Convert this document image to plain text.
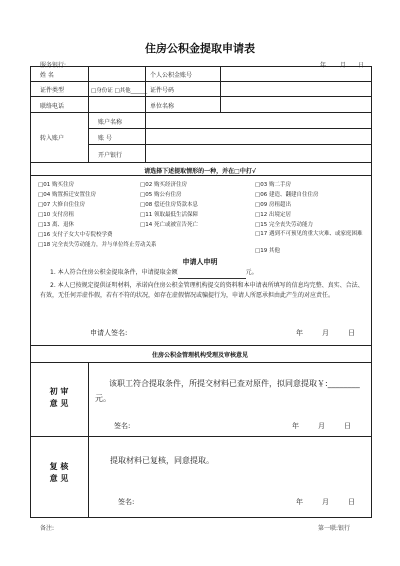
住房公积金提取申请表
服务银行:	年 月 日
姓 名	个人公积金账号
证件类型	□身份证 □其他______ 证件号码
联络电话	单位名称
转入账户
账户名称
账 号
开户银行
请选择下述提取情形的一种，并在□中打√
□01 购买住房	□02 购买经济住房	□03 购二手房
□04 购置拆迁安置住房	□05 购公有住房	□06 建造、翻建自住住房
□07 大修自住住房	□08 偿还住房贷款本息	□09 房租超出
□10 支付房租	□11 领取最低生活保障	□12 出境定居
□13 离、退休	□14 死亡或被宣告死亡	□15 完全丧失劳动能力
□16 支付子女大中专院校学费	□17 遇到不可预见的重大灾难、或家庭困难
□18 完全丧失劳动能力，并与单位终止劳动关系
□19 其他
申请人申明
1. 本人符合住房公积金提取条件，申请提取金额	元。
2. 本人已按规定提供证明材料，承诺向住房公积金管理机构提交的资料和本申请表所填写的信息均完整、真实、合法、有效，无任何弄虚作假，若有不符的状况，如存在虚假情况或骗提行为，申请人所愿承担由此产生的对应责任。
申请人签名:	年	月	日
住房公积金管理机构受理及审核意见
初 审
意 见
该职工符合提取条件，所提交材料已查对原件，拟同意提取￥:________元。
签名:	年	月	日
复 核
意 见
提取材料已复核，同意提取。
签名:	年	月	日
备注:	第一联:银行
